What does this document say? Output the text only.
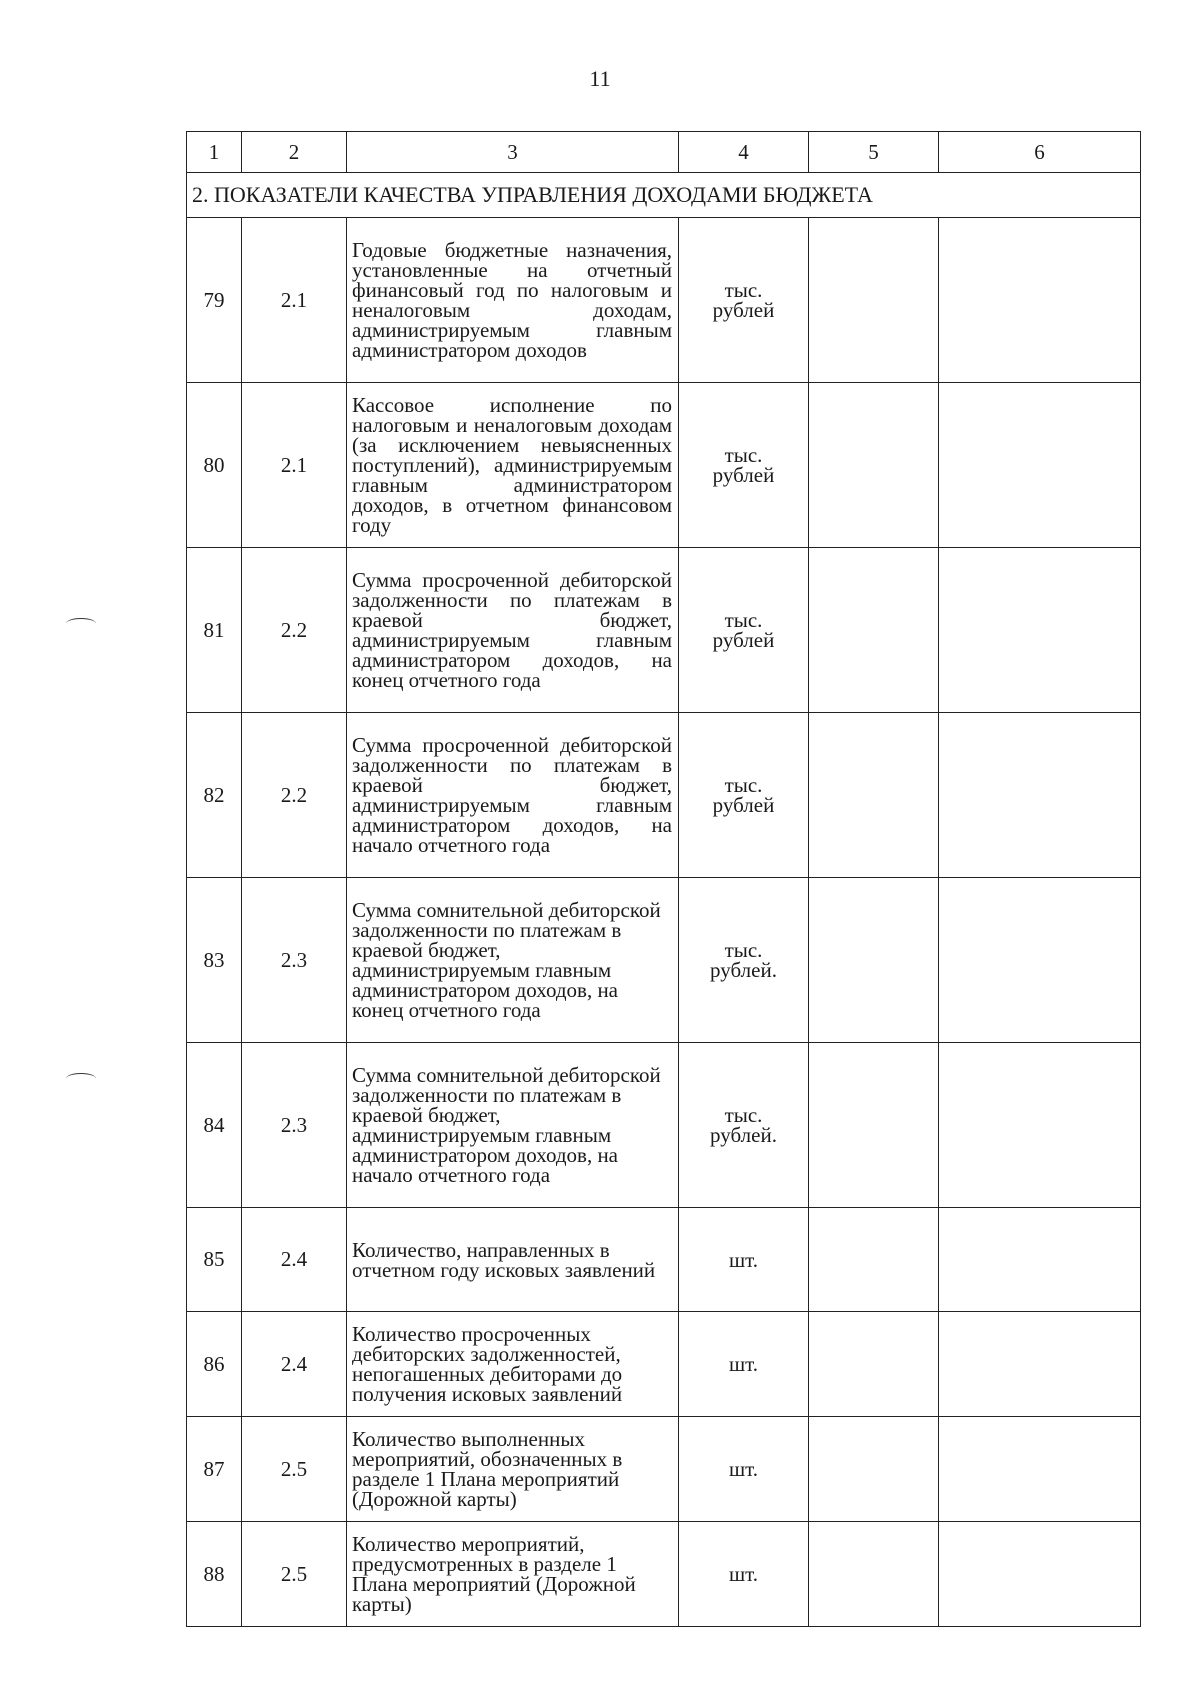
11
1	2	3	4	5	6
2. ПОКАЗАТЕЛИ КАЧЕСТВА УПРАВЛЕНИЯ ДОХОДАМИ БЮДЖЕТА					
79	2.1	Годовые бюджетные назначения, установленные на отчетный финансовый год по налоговым и неналоговым доходам, администрируемым главным администратором доходов	тыс.
рублей		

80	2.1	Кассовое исполнение по налоговым и неналоговым доходам (за исключением невыясненных поступлений), администрируемым главным администратором доходов, в отчетном финансовом году	тыс.
рублей		

81	2.2	Сумма просроченной дебиторской задолженности по платежам в краевой бюджет, администрируемым главным администратором доходов, на конец отчетного года	тыс.
рублей		

82	2.2	Сумма просроченной дебиторской задолженности по платежам в краевой бюджет, администрируемым главным администратором доходов, на начало отчетного года	тыс.
рублей		

83	2.3	Сумма сомнительной дебиторской задолженности по платежам в краевой бюджет, администрируемым главным администратором доходов, на конец отчетного года	тыс.
рублей.		

84	2.3	Сумма сомнительной дебиторской задолженности по платежам в краевой бюджет, администрируемым главным администратором доходов, на начало отчетного года	тыс.
рублей.		

85	2.4	Количество, направленных в отчетном году исковых заявлений	шт.		

86	2.4	Количество просроченных дебиторских задолженностей, непогашенных дебиторами до получения исковых заявлений	шт.		

87	2.5	Количество выполненных мероприятий, обозначенных в разделе 1 Плана мероприятий (Дорожной карты)	шт.		

88	2.5	Количество мероприятий, предусмотренных в разделе 1 Плана мероприятий (Дорожной карты)	шт.		
